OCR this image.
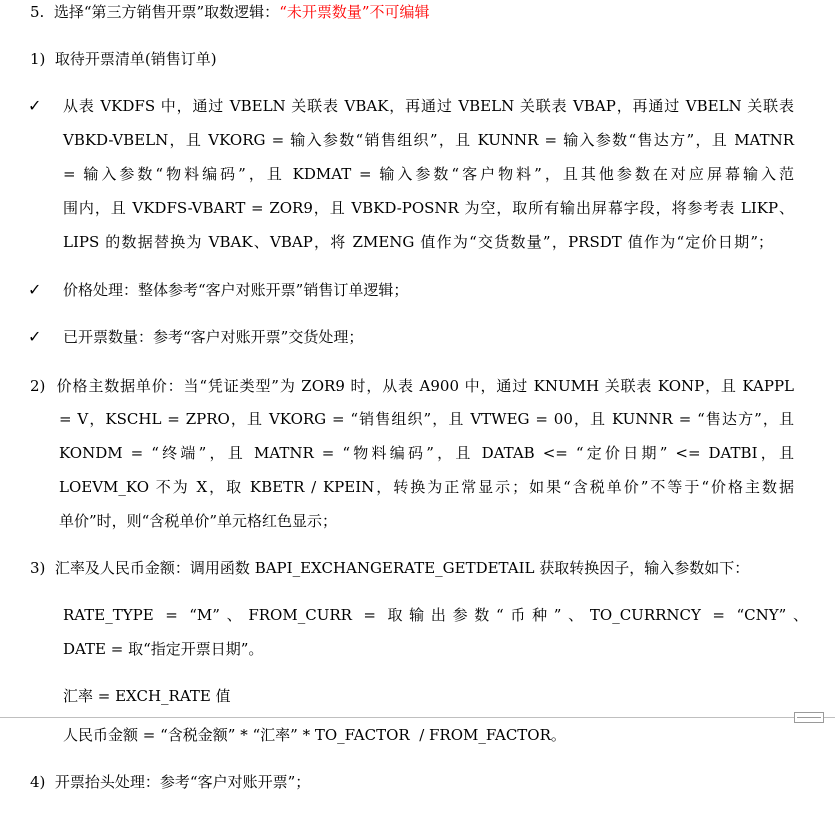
5.  选择“第三方销售开票”取数逻辑：“未开票数量”不可编辑
1)  取待开票清单(销售订单)
✓ 从表 VKDFS 中，通过 VBELN 关联表 VBAK，再通过 VBELN 关联表 VBAP，再通过 VBELN 关联表
VBKD-VBELN，且 VKORG = 输入参数“销售组织”，且 KUNNR = 输入参数“售达方”，且 MATNR
= 输入参数“物料编码”，且 KDMAT = 输入参数“客户物料”，且其他参数在对应屏幕输入范
围内，且 VKDFS-VBART = ZOR9，且 VBKD-POSNR 为空，取所有输出屏幕字段，将参考表 LIKP、
LIPS 的数据替换为 VBAK、VBAP，将 ZMENG 值作为“交货数量”，PRSDT 值作为“定价日期”；
✓ 价格处理：整体参考“客户对账开票”销售订单逻辑；
✓ 已开票数量：参考“客户对账开票”交货处理；
2)  价格主数据单价：当“凭证类型”为 ZOR9 时，从表 A900 中，通过 KNUMH 关联表 KONP，且 KAPPL
= V，KSCHL = ZPRO，且 VKORG = “销售组织”，且 VTWEG = 00，且 KUNNR = “售达方”，且
KONDM = “终端”，且 MATNR = “物料编码”，且 DATAB <= “定价日期” <= DATBI，且
LOEVM_KO 不为 X，取 KBETR / KPEIN，转换为正常显示；如果“含税单价”不等于“价格主数据
单价”时，则“含税单价”单元格红色显示；
3)  汇率及人民币金额：调用函数 BAPI_EXCHANGERATE_GETDETAIL 获取转换因子，输入参数如下：
RATE_TYPE = “M”、FROM_CURR = 取输出参数“币种”、TO_CURRNCY = “CNY”、
DATE = 取“指定开票日期”。
汇率 = EXCH_RATE 值
人民币金额 = “含税金额” * “汇率” * TO_FACTOR  / FROM_FACTOR。
4)  开票抬头处理：参考“客户对账开票”；
